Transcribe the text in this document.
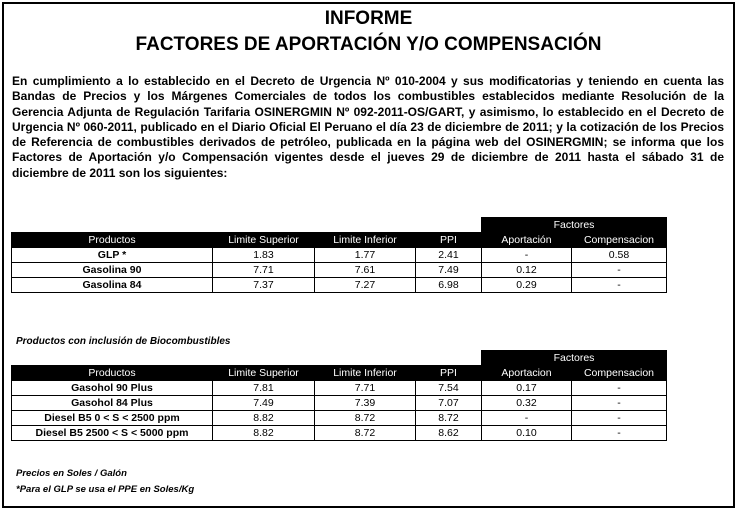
INFORME
FACTORES DE APORTACIÓN Y/O COMPENSACIÓN
En cumplimiento a lo establecido en el Decreto de Urgencia Nº 010-2004 y sus modificatorias y teniendo en cuenta las Bandas de Precios y los Márgenes Comerciales de todos los combustibles establecidos mediante Resolución de la Gerencia Adjunta de Regulación Tarifaria OSINERGMIN Nº 092-2011-OS/GART, y asimismo, lo establecido en el Decreto de Urgencia Nº 060-2011, publicado en el Diario Oficial El Peruano el día 23 de diciembre de 2011; y la cotización de los Precios de Referencia de combustibles derivados de petróleo, publicada en la página web del OSINERGMIN; se informa que los Factores de Aportación y/o Compensación vigentes desde el jueves 29 de diciembre de 2011 hasta el sábado 31 de diciembre de 2011 son los siguientes:
				Factores	
Productos	Limite Superior	Limite Inferior	PPI	Aportación	Compensacion
GLP *	1.83	1.77	2.41	-	0.58
Gasolina 90	7.71	7.61	7.49	0.12	-
Gasolina 84	7.37	7.27	6.98	0.29	-
Productos con inclusión de Biocombustibles
				Factores	
Productos	Limite Superior	Limite Inferior	PPI	Aportacion	Compensacion
Gasohol 90 Plus	7.81	7.71	7.54	0.17	-
Gasohol 84 Plus	7.49	7.39	7.07	0.32	-
Diesel B5 0 < S < 2500 ppm	8.82	8.72	8.72	-	-
Diesel B5 2500 < S < 5000 ppm	8.82	8.72	8.62	0.10	-
Precios en Soles / Galón
*Para el GLP se usa el PPE en Soles/Kg
